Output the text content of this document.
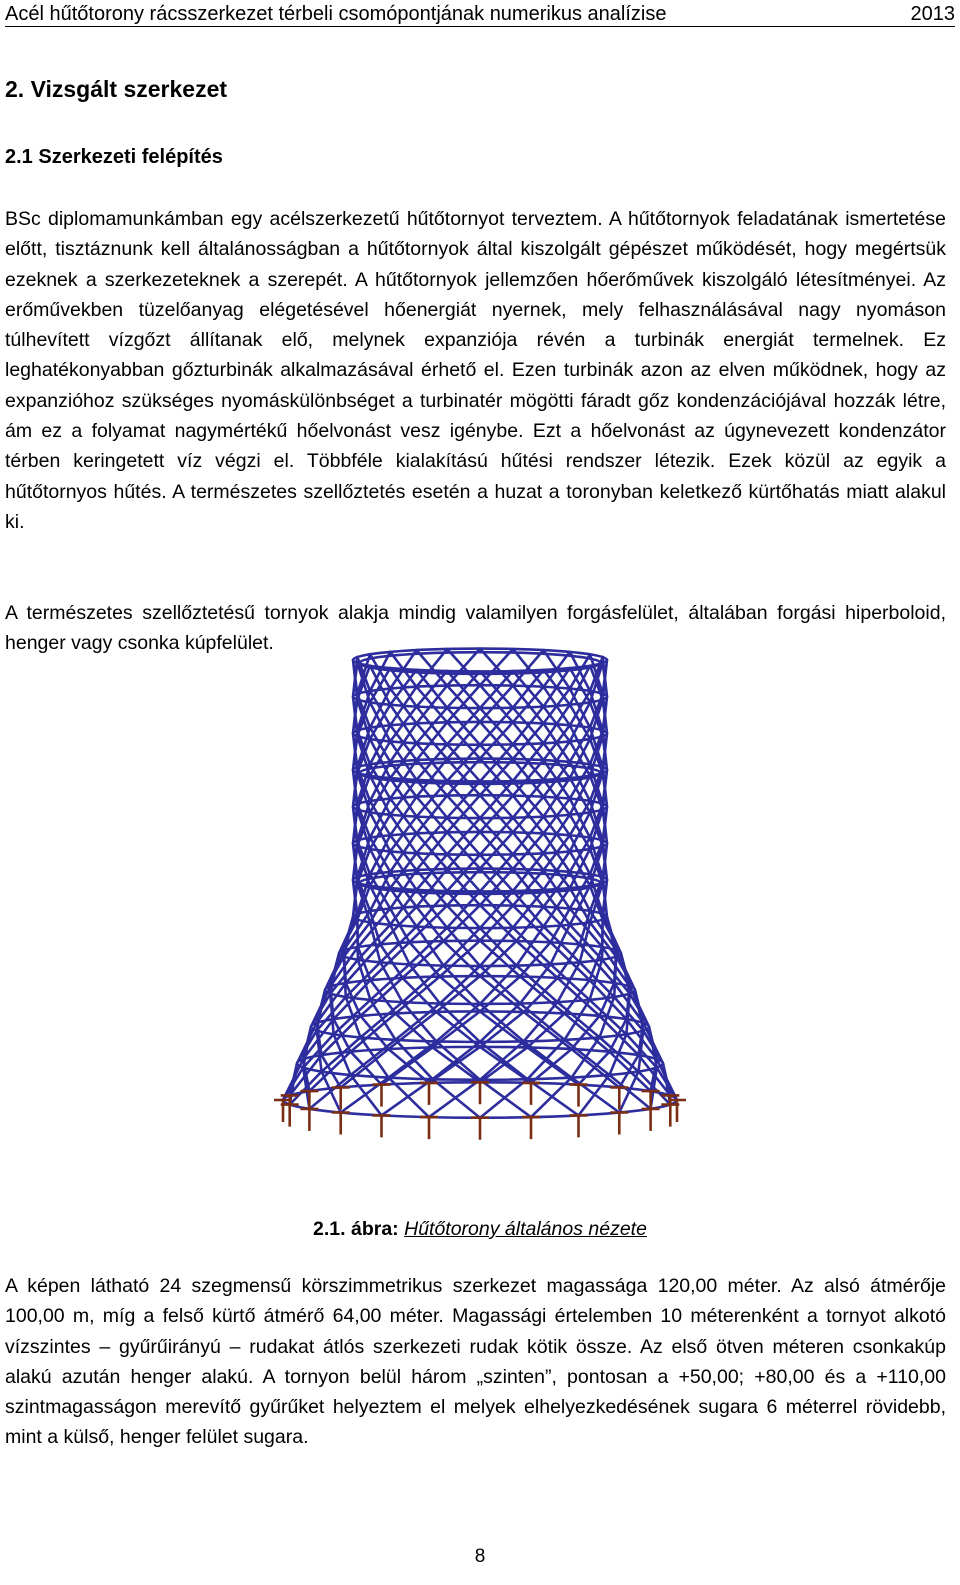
Acél hűtőtorony rácsszerkezet térbeli csomópontjának numerikus analízise	2013
2. Vizsgált szerkezet
2.1 Szerkezeti felépítés

BSc diplomamunkámban egy acélszerkezetű hűtőtornyot terveztem. A hűtőtornyok feladatának ismertetése előtt, tisztáznunk kell általánosságban a hűtőtornyok által kiszolgált gépészet működését, hogy megértsük ezeknek a szerkezeteknek a szerepét. A hűtőtornyok jellemzően hőerőművek kiszolgáló létesítményei. Az erőművekben tüzelőanyag elégetésével hőenergiát nyernek, mely felhasználásával nagy nyomáson túlhevített vízgőzt állítanak elő, melynek expanziója révén a turbinák energiát termelnek. Ez leghatékonyabban gőzturbinák alkalmazásával érhető el. Ezen turbinák azon az elven működnek, hogy az expanzióhoz szükséges nyomáskülönbséget a turbinatér mögötti fáradt gőz kondenzációjával hozzák létre, ám ez a folyamat nagymértékű hőelvonást vesz igénybe. Ezt a hőelvonást az úgynevezett kondenzátor térben keringetett víz végzi el. Többféle kialakítású hűtési rendszer létezik. Ezek közül az egyik a hűtőtornyos hűtés. A természetes szellőztetés esetén a huzat a toronyban keletkező kürtőhatás miatt alakul ki.

A természetes szellőztetésű tornyok alakja mindig valamilyen forgásfelület, általában forgási hiperboloid, henger vagy csonka kúpfelület.

2.1. ábra: Hűtőtorony általános nézete

A képen látható 24 szegmensű körszimmetrikus szerkezet magassága 120,00 méter. Az alsó átmérője 100,00 m, míg a felső kürtő átmérő 64,00 méter. Magassági értelemben 10 méterenként a tornyot alkotó vízszintes – gyűrűirányú – rudakat átlós szerkezeti rudak kötik össze. Az első ötven méteren csonkakúp alakú azután henger alakú. A tornyon belül három „szinten”, pontosan a +50,00; +80,00 és a +110,00 szintmagasságon merevítő gyűrűket helyeztem el melyek elhelyezkedésének sugara 6 méterrel rövidebb, mint a külső, henger felület sugara.

8
